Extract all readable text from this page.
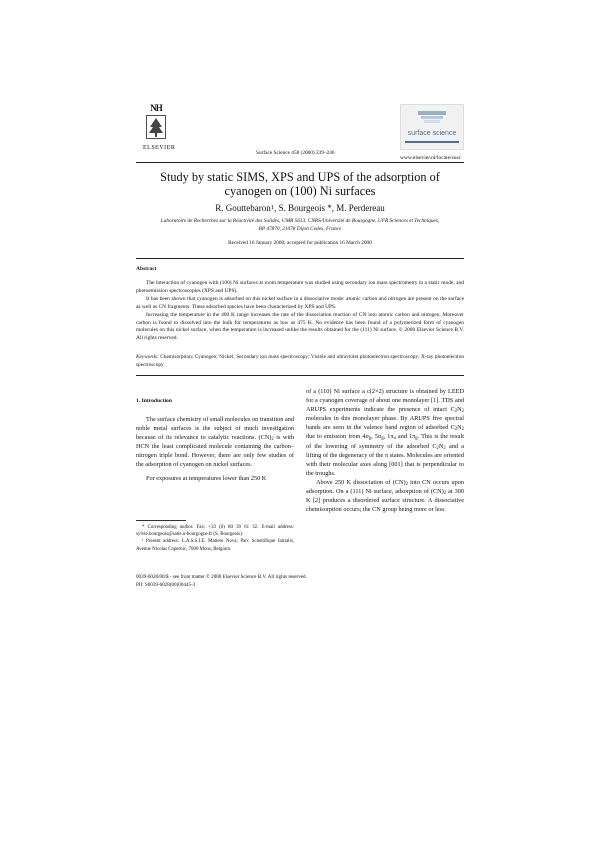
NH
ELSEVIER
Surface Science 458 (2000) 239–246
surface science
www.elsevier.nl/locate/susc
Study by static SIMS, XPS and UPS of the adsorption of
cyanogen on (100) Ni surfaces
R. Gouttebaron$^1$, S. Bourgeois *, M. Perdereau
Laboratoire de Recherches sur la Réactivité des Solides, UMR 5613, CNRS/Université de Bourgogne, UFR Sciences et Techniques,
BP 47870, 21078 Dijon Cedex, France
Received 16 January 2000; accepted for publication 16 March 2000
Abstract

The interaction of cyanogen with (100) Ni surfaces at room temperature was studied using secondary ion mass spectrometry in a static mode, and photoemission spectroscopies (XPS and UPS).

It has been shown that cyanogen is adsorbed on this nickel surface in a dissociative mode: atomic carbon and nitrogen are present on the surface as well as CN fragments. These adsorbed species have been characterized by XPS and UPS.

Increasing the temperature in the 400 K range increases the rate of the dissociation reaction of CN into atomic carbon and nitrogen. Moreover carbon is found to dissolved into the bulk for temperatures as low as 475 K. No evidence has been found of a polymerized form of cyanogen molecules on this nickel surface, when the temperature is increased unlike the results obtained for the (111) Ni surface. © 2000 Elsevier Science B.V. All rights reserved.

Keywords: Chemisorption; Cyanogen; Nickel; Secondary ion mass spectroscopy; Visible and ultraviolet photoelectron spectroscopy; X-ray photoelectron spectroscopy
1. Introduction

The surface chemistry of small molecules on transition and noble metal surfaces is the subject of much investigation because of its relevance to catalytic reactions. $(CN)_2$ is with HCN the least complicated molecule containing the carbon–nitrogen triple bond. However, there are only few studies of the adsorption of cyanogen on nickel surfaces.

For exposures at temperatures lower than 250 K

of a (110) Ni surface a c(2×2) structure is obtained by LEED for a cyanogen coverage of about one monolayer [1]. TDS and ARUPS experiments indicate the presence of intact $C_2N_2$ molecules in this monolayer phase. By ARUPS five spectral bands are seen in the valence band region of adsorbed $C_2N_2$ due to emission from $4\sigma_g$, $5\sigma_g$, $1\pi_u$ and $1\pi_g$. This is the result of the lowering of symmetry of the adsorbed $C_2N_2$ and a lifting of the degeneracy of the π states. Molecules are oriented with their molecular axes along [001] that is perpendicular to the troughs.

Above 250 K dissociation of $(CN)_2$ into CN occurs upon adsorption. On a (111) Ni surface, adsorption of $(CN)_2$ at 300 K [2] produces a disordered surface structure. A dissociative chemisorption occurs; the CN group being more or less

* Corresponding author. Fax: +33 (0) 80 39 61 32. E-mail address: sylvie.bourgeois@satie.u-bourgogne.fr (S. Bourgeois).

¹ Present address: L.A.S.S.I.E, Matiere Nova, Parc Scientifique Initialis, Avenue Nicolas Copernic, 7000 Mons, Belgium.

0039-6028/00/$ - see front matter © 2000 Elsevier Science B.V. All rights reserved.
PII: S0039-6028(00)00445-3
